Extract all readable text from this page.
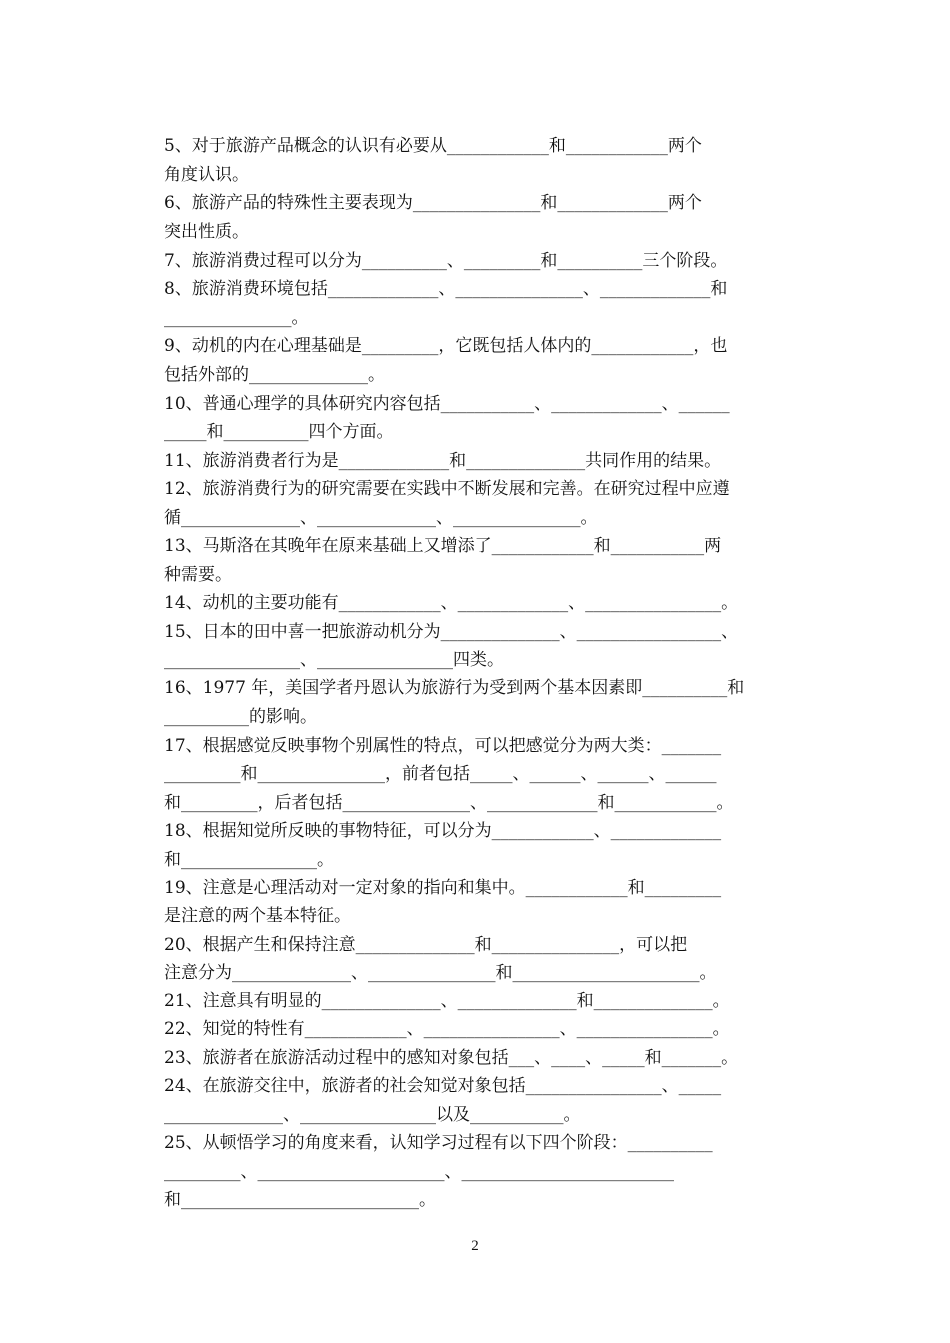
5、对于旅游产品概念的认识有必要从____________和____________两个
角度认识。
6、旅游产品的特殊性主要表现为_______________和_____________两个
突出性质。
7、旅游消费过程可以分为__________、_________和__________三个阶段。
8、旅游消费环境包括_____________、_______________、_____________和
_______________。
9、动机的内在心理基础是_________，它既包括人体内的____________，也
包括外部的______________。
10、普通心理学的具体研究内容包括___________、_____________、______
_____和__________四个方面。
11、旅游消费者行为是_____________和______________共同作用的结果。
12、旅游消费行为的研究需要在实践中不断发展和完善。在研究过程中应遵
循______________、______________、_______________。
13、马斯洛在其晚年在原来基础上又增添了____________和___________两
种需要。
14、动机的主要功能有____________、_____________、________________。
15、日本的田中喜一把旅游动机分为______________、_________________、
________________、________________四类。
16、1977 年，美国学者丹恩认为旅游行为受到两个基本因素即__________和
__________的影响。
17、根据感觉反映事物个别属性的特点，可以把感觉分为两大类：_______
_________和_______________，前者包括_____、______、______、______
和_________，后者包括_______________、_____________和____________。
18、根据知觉所反映的事物特征，可以分为____________、_____________
和________________。
19、注意是心理活动对一定对象的指向和集中。____________和_________
是注意的两个基本特征。
20、根据产生和保持注意______________和_______________，可以把
注意分为______________、_______________和______________________。
21、注意具有明显的______________、______________和______________。
22、知觉的特性有____________、________________、________________。
23、旅游者在旅游活动过程中的感知对象包括___、____、_____和_______。
24、在旅游交往中，旅游者的社会知觉对象包括________________、_____
______________、________________以及___________。
25、从顿悟学习的角度来看，认知学习过程有以下四个阶段：__________
_________、______________________、_________________________
和____________________________。
2
